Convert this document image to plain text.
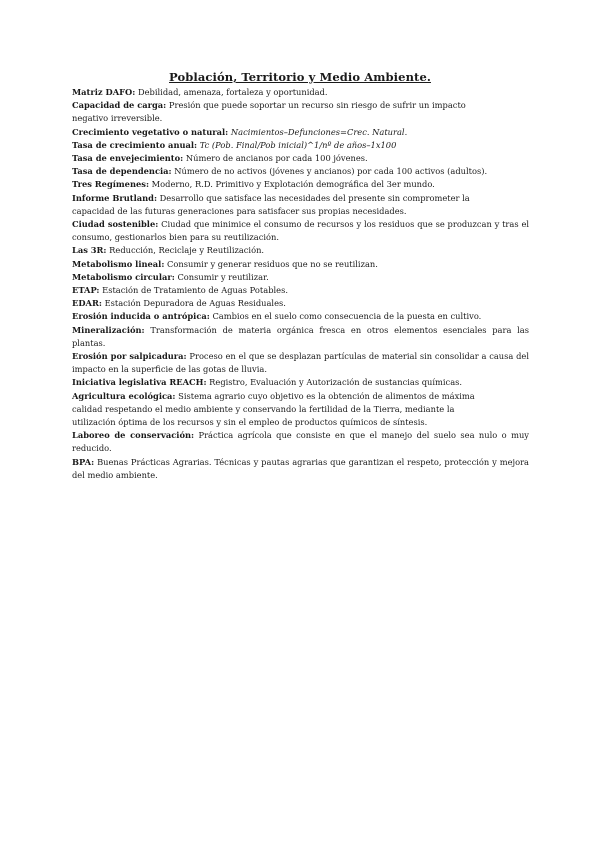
Población, Territorio y Medio Ambiente.

Matriz DAFO: Debilidad, amenaza, fortaleza y oportunidad.

Capacidad de carga: Presión que puede soportar un recurso sin riesgo de sufrir un impacto
negativo irreversible.

Crecimiento vegetativo o natural: Nacimientos–Defunciones=Crec. Natural.

Tasa de crecimiento anual: Tc (Pob. Final/Pob inicial)^1/nº de años–1x100

Tasa de envejecimiento: Número de ancianos por cada 100 jóvenes.

Tasa de dependencia: Número de no activos (jóvenes y ancianos) por cada 100 activos (adultos).

Tres Regímenes: Moderno, R.D. Primitivo y Explotación demográfica del 3er mundo.

Informe Brutland: Desarrollo que satisface las necesidades del presente sin comprometer la
capacidad de las futuras generaciones para satisfacer sus propias necesidades.

Ciudad sostenible: Ciudad que minimice el consumo de recursos y los residuos que se produzcan y tras el consumo, gestionarlos bien para su reutilización.

Las 3R: Reducción, Reciclaje y Reutilización.

Metabolismo lineal: Consumir y generar residuos que no se reutilizan.

Metabolismo circular: Consumir y reutilizar.

ETAP: Estación de Tratamiento de Aguas Potables.

EDAR: Estación Depuradora de Aguas Residuales.

Erosión inducida o antrópica: Cambios en el suelo como consecuencia de la puesta en cultivo.

Mineralización: Transformación de materia orgánica fresca en otros elementos esenciales para las plantas.

Erosión por salpicadura: Proceso en el que se desplazan partículas de material sin consolidar a causa del impacto en la superficie de las gotas de lluvia.

Iniciativa legislativa REACH: Registro, Evaluación y Autorización de sustancias químicas.

Agricultura ecológica: Sistema agrario cuyo objetivo es la obtención de alimentos de máxima
calidad respetando el medio ambiente y conservando la fertilidad de la Tierra, mediante la
utilización óptima de los recursos y sin el empleo de productos químicos de síntesis.

Laboreo de conservación: Práctica agrícola que consiste en que el manejo del suelo sea nulo o muy reducido.

BPA: Buenas Prácticas Agrarias. Técnicas y pautas agrarias que garantizan el respeto, protección y mejora del medio ambiente.
